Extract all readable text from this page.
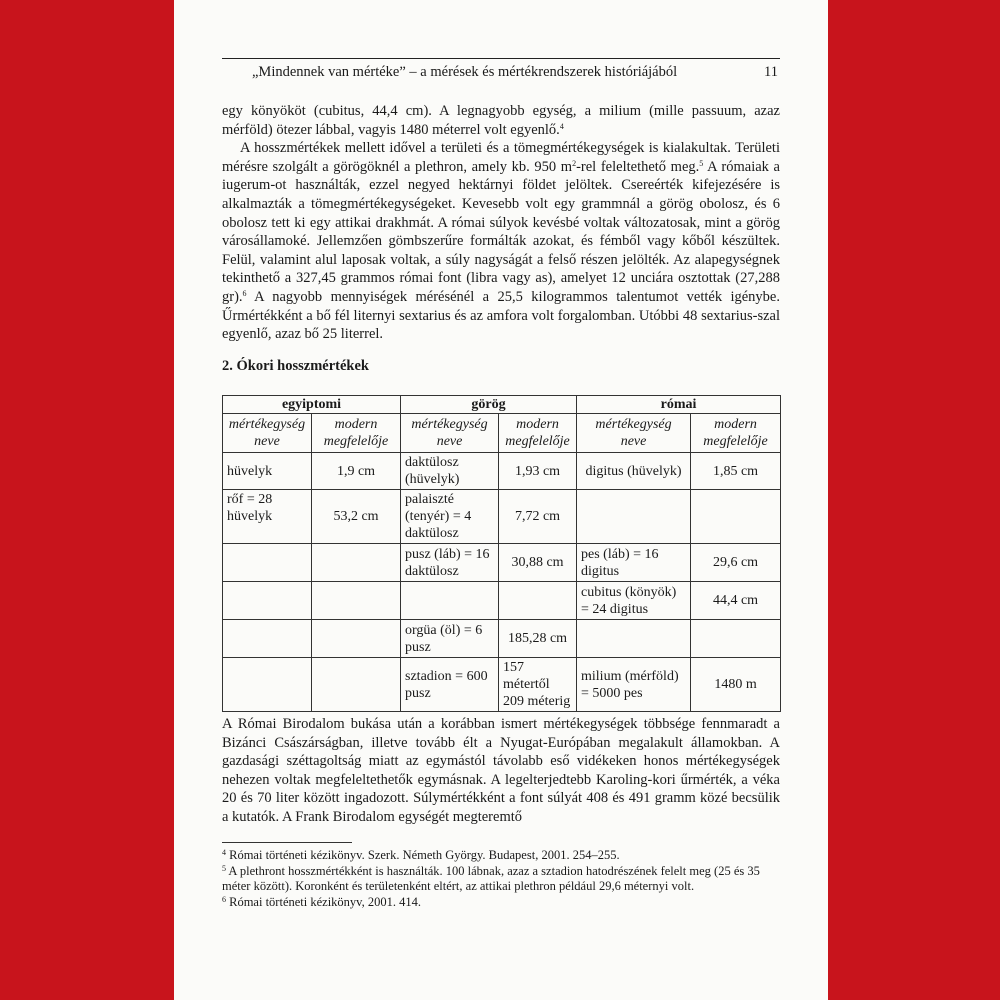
„Mindennek van mértéke” – a mérések és mértékrendszerek históriájából	11

egy könyököt (cubitus, 44,4 cm). A legnagyobb egység, a milium (mille passuum, azaz mérföld) ötezer lábbal, vagyis 1480 méterrel volt egyenlő.$^4$

A hosszmértékek mellett idővel a területi és a tömegmértékegységek is kialakultak. Területi mérésre szolgált a görögöknél a plethron, amely kb. 950 $m^2$-rel feleltethető meg.$^5$ A rómaiak a iugerum-ot használták, ezzel negyed hektárnyi földet jelöltek. Csereérték kifejezésére is alkalmazták a tömegmértékegységeket. Kevesebb volt egy grammnál a görög obolosz, és 6 obolosz tett ki egy attikai drakhmát. A római súlyok kevésbé voltak változatosak, mint a görög városállamoké. Jellemzően gömbszerűre formálták azokat, és fémből vagy kőből készültek. Felül, valamint alul laposak voltak, a súly nagyságát a felső részen jelölték. Az alapegységnek tekinthető a 327,45 grammos római font (libra vagy as), amelyet 12 unciára osztottak (27,288 gr).$^6$ A nagyobb mennyiségek mérésénél a 25,5 kilogrammos talentumot vették igénybe. Űrmértékként a bő fél liternyi sextarius és az amfora volt forgalomban. Utóbbi 48 sextarius-szal egyenlő, azaz bő 25 literrel.

2. Ókori hosszmértékek

egyiptomi		görög		római	
mértékegység neve	modern megfelelője	mértékegység neve	modern megfelelője	mértékegység neve	modern megfelelője
hüvelyk	1,9 cm	daktülosz (hüvelyk)	1,93 cm	digitus (hüvelyk)	1,85 cm
rőf = 28 hüvelyk	53,2 cm	palaiszté (tenyér) = 4 daktülosz	7,72 cm		
		pusz (láb) = 16 daktülosz	30,88 cm	pes (láb) = 16 digitus	29,6 cm
				cubitus (könyök) = 24 digitus	44,4 cm
		orgüa (öl) = 6 pusz	185,28 cm		
		sztadion = 600 pusz	157 métertől 209 méterig	milium (mérföld) = 5000 pes	1480 m

A Római Birodalom bukása után a korábban ismert mértékegységek többsége fennmaradt a Bizánci Császárságban, illetve tovább élt a Nyugat-Európában megalakult államokban. A gazdasági széttagoltság miatt az egymástól távolabb eső vidékeken honos mértékegységek nehezen voltak megfeleltethetők egymásnak. A legelterjedtebb Karoling-kori űrmérték, a véka 20 és 70 liter között ingadozott. Súlymértékként a font súlyát 408 és 491 gramm közé becsülik a kutatók. A Frank Birodalom egységét megteremtő

$^4$ Római történeti kézikönyv. Szerk. Németh György. Budapest, 2001. 254–255.

$^5$ A plethront hosszmértékként is használták. 100 lábnak, azaz a sztadion hatodrészének felelt meg (25 és 35 méter között). Koronként és területenként eltért, az attikai plethron például 29,6 méternyi volt.

$^6$ Római történeti kézikönyv, 2001. 414.
